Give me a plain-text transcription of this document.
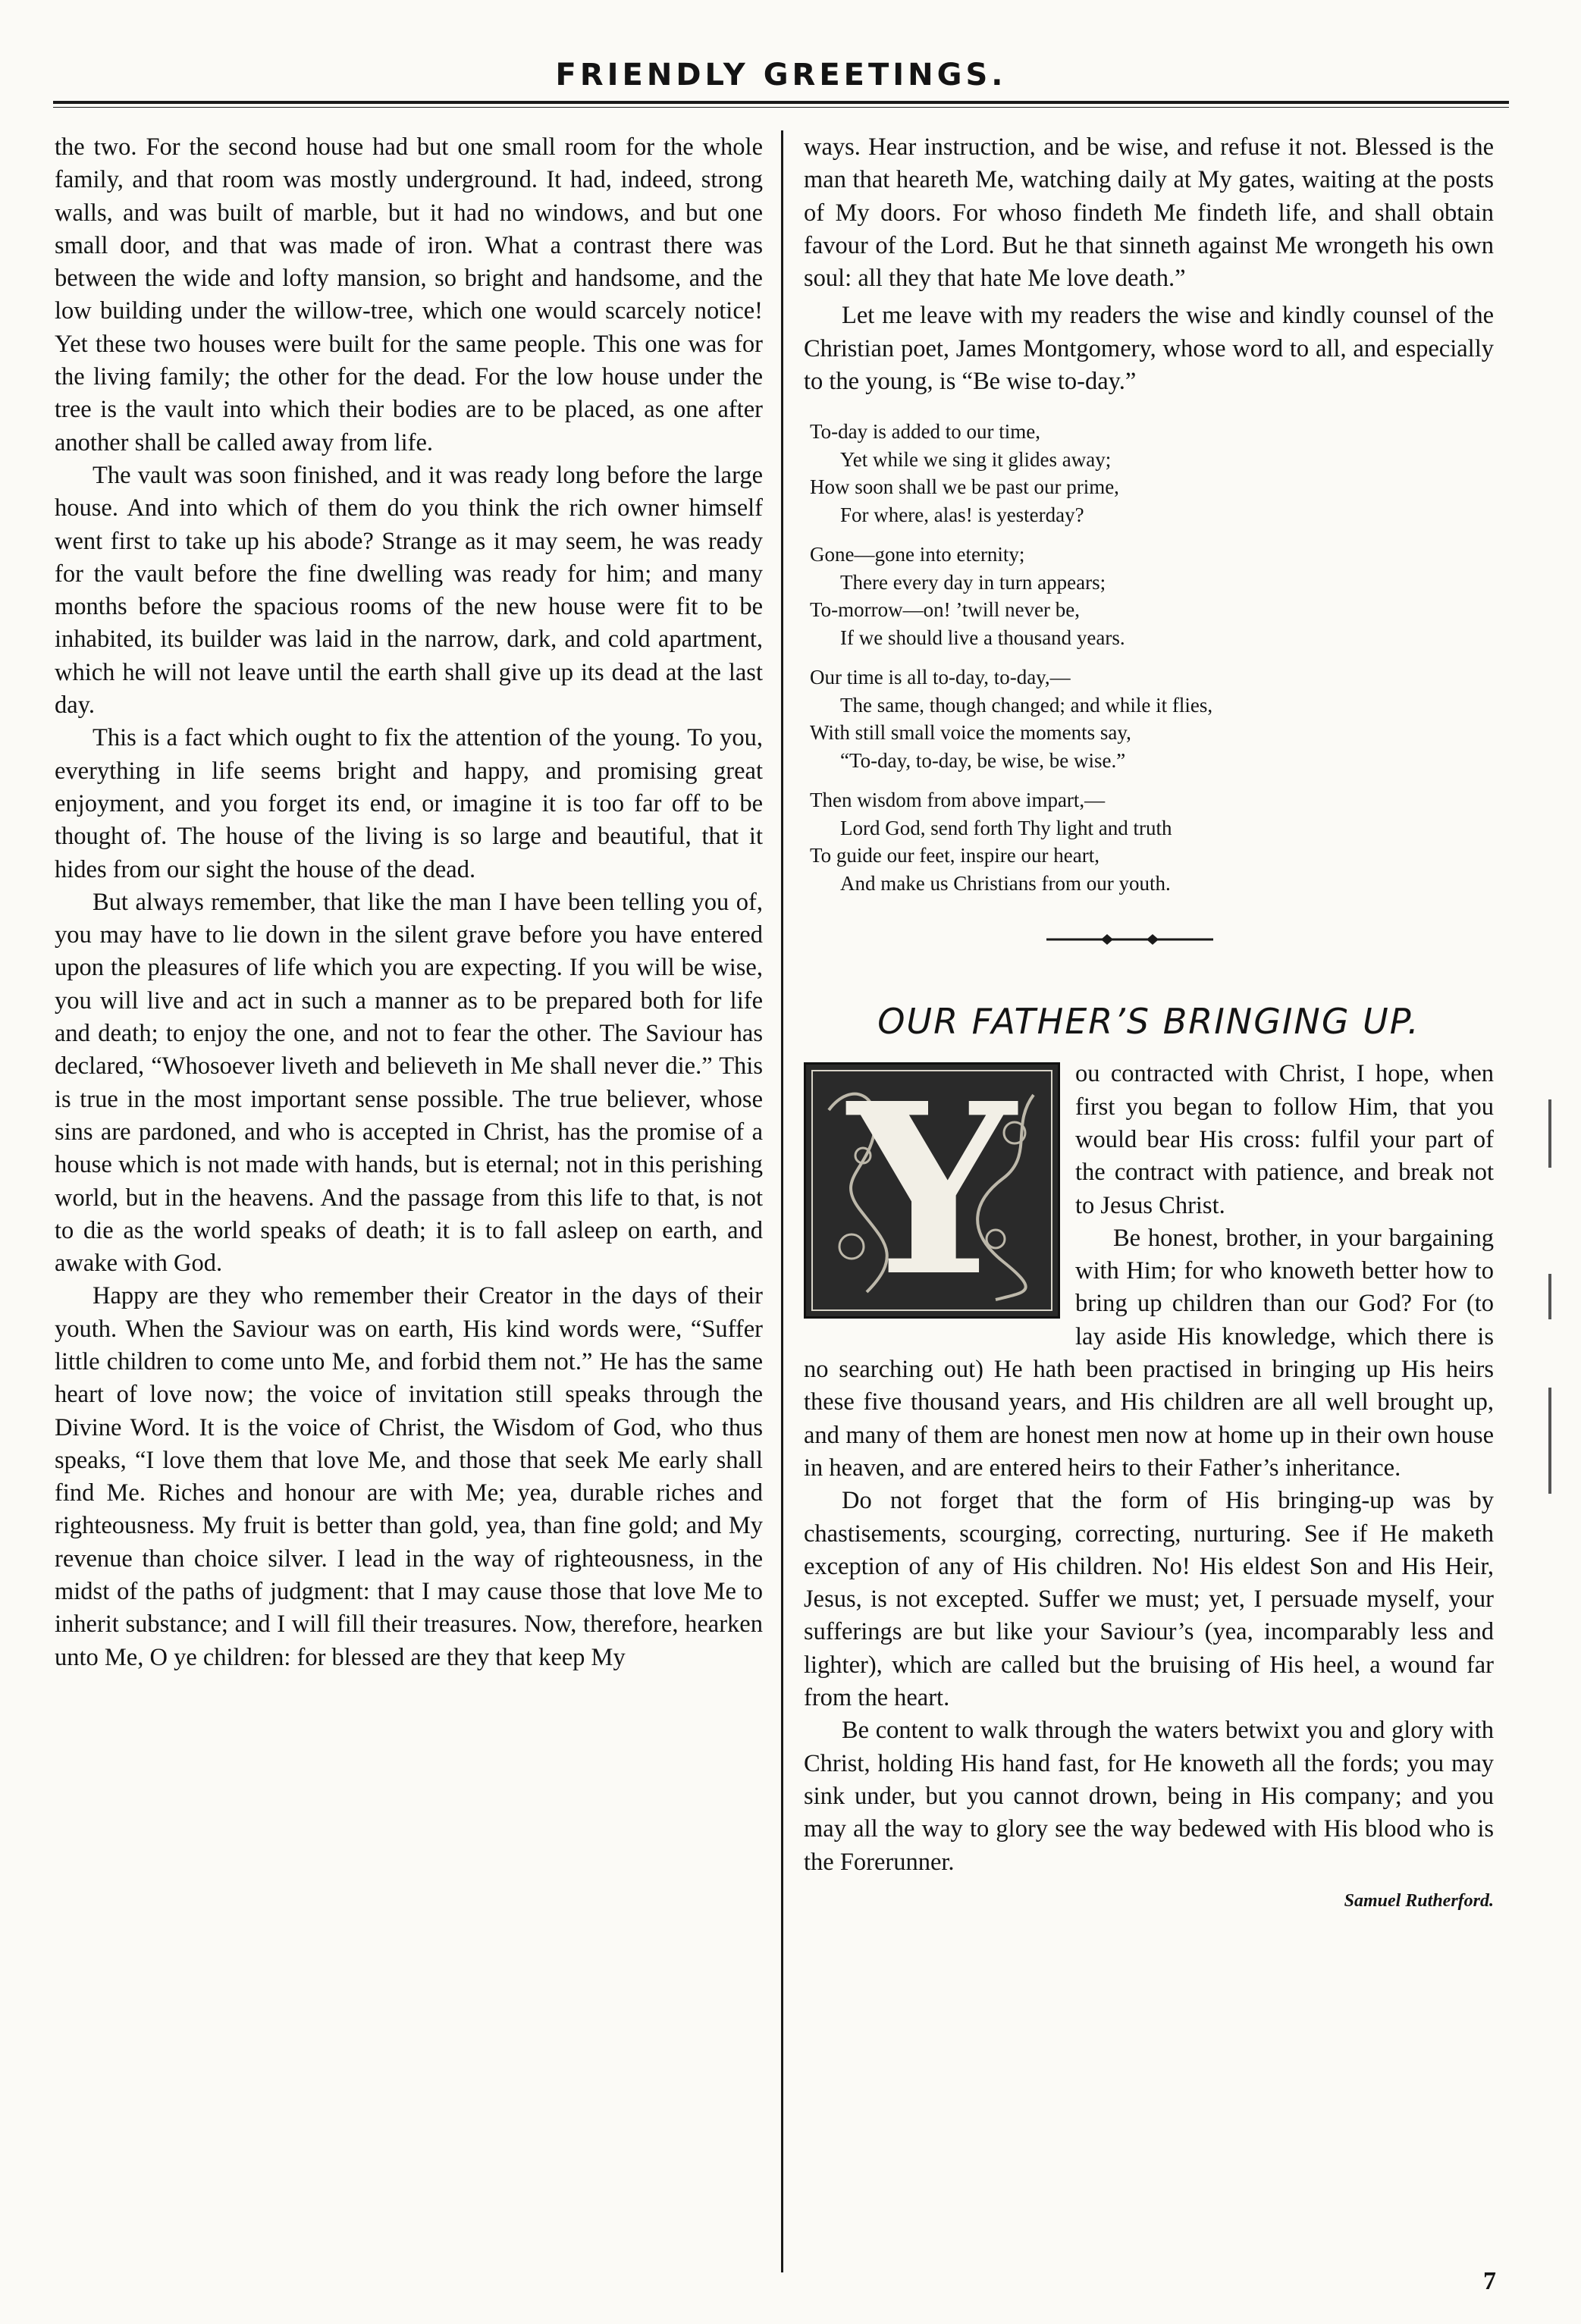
FRIENDLY GREETINGS.

the two. For the second house had but one small room for the whole family, and that room was mostly underground. It had, indeed, strong walls, and was built of marble, but it had no windows, and but one small door, and that was made of iron. What a contrast there was between the wide and lofty mansion, so bright and handsome, and the low building under the willow-tree, which one would scarcely notice! Yet these two houses were built for the same people. This one was for the living family; the other for the dead. For the low house under the tree is the vault into which their bodies are to be placed, as one after another shall be called away from life.

The vault was soon finished, and it was ready long before the large house. And into which of them do you think the rich owner himself went first to take up his abode? Strange as it may seem, he was ready for the vault before the fine dwelling was ready for him; and many months before the spacious rooms of the new house were fit to be inhabited, its builder was laid in the narrow, dark, and cold apartment, which he will not leave until the earth shall give up its dead at the last day.

This is a fact which ought to fix the attention of the young. To you, everything in life seems bright and happy, and promising great enjoyment, and you forget its end, or imagine it is too far off to be thought of. The house of the living is so large and beautiful, that it hides from our sight the house of the dead.

But always remember, that like the man I have been telling you of, you may have to lie down in the silent grave before you have entered upon the pleasures of life which you are expecting. If you will be wise, you will live and act in such a manner as to be prepared both for life and death; to enjoy the one, and not to fear the other. The Saviour has declared, “Whosoever liveth and believeth in Me shall never die.” This is true in the most important sense possible. The true believer, whose sins are pardoned, and who is accepted in Christ, has the promise of a house which is not made with hands, but is eternal; not in this perishing world, but in the heavens. And the passage from this life to that, is not to die as the world speaks of death; it is to fall asleep on earth, and awake with God.

Happy are they who remember their Creator in the days of their youth. When the Saviour was on earth, His kind words were, “Suffer little children to come unto Me, and forbid them not.” He has the same heart of love now; the voice of invitation still speaks through the Divine Word. It is the voice of Christ, the Wisdom of God, who thus speaks, “I love them that love Me, and those that seek Me early shall find Me. Riches and honour are with Me; yea, durable riches and righteousness. My fruit is better than gold, yea, than fine gold; and My revenue than choice silver. I lead in the way of righteousness, in the midst of the paths of judgment: that I may cause those that love Me to inherit substance; and I will fill their treasures. Now, therefore, hearken unto Me, O ye children: for blessed are they that keep My

ways. Hear instruction, and be wise, and refuse it not. Blessed is the man that heareth Me, watching daily at My gates, waiting at the posts of My doors. For whoso findeth Me findeth life, and shall obtain favour of the Lord. But he that sinneth against Me wrongeth his own soul: all they that hate Me love death.”

Let me leave with my readers the wise and kindly counsel of the Christian poet, James Montgomery, whose word to all, and especially to the young, is “Be wise to-day.”

To-day is added to our time,
Yet while we sing it glides away;
How soon shall we be past our prime,
For where, alas! is yesterday?
Gone—gone into eternity;
There every day in turn appears;
To-morrow—on! ’twill never be,
If we should live a thousand years.
Our time is all to-day, to-day,—
The same, though changed; and while it flies,
With still small voice the moments say,
“To-day, to-day, be wise, be wise.”
Then wisdom from above impart,—
Lord God, send forth Thy light and truth
To guide our feet, inspire our heart,
And make us Christians from our youth.
OUR FATHER’S BRINGING UP.
Y	ou contracted with Christ, I hope, when first you began to follow Him, that you would bear His cross: fulfil your part of the contract with patience, and break not to Jesus Christ.

Be honest, brother, in your bargaining with Him; for who knoweth better how to bring up children than our God? For (to lay aside His knowledge, which there is no searching out) He hath been practised in bringing up His heirs these five thousand years, and His children are all well brought up, and many of them are honest men now at home up in their own house in heaven, and are entered heirs to their Father’s inheritance.

Do not forget that the form of His bringing-up was by chastisements, scourging, correcting, nurturing. See if He maketh exception of any of His children. No! His eldest Son and His Heir, Jesus, is not excepted. Suffer we must; yet, I persuade myself, your sufferings are but like your Saviour’s (yea, incomparably less and lighter), which are called but the bruising of His heel, a wound far from the heart.

Be content to walk through the waters betwixt you and glory with Christ, holding His hand fast, for He knoweth all the fords; you may sink under, but you cannot drown, being in His company; and you may all the way to glory see the way bedewed with His blood who is the Forerunner.

Samuel Rutherford.
7
